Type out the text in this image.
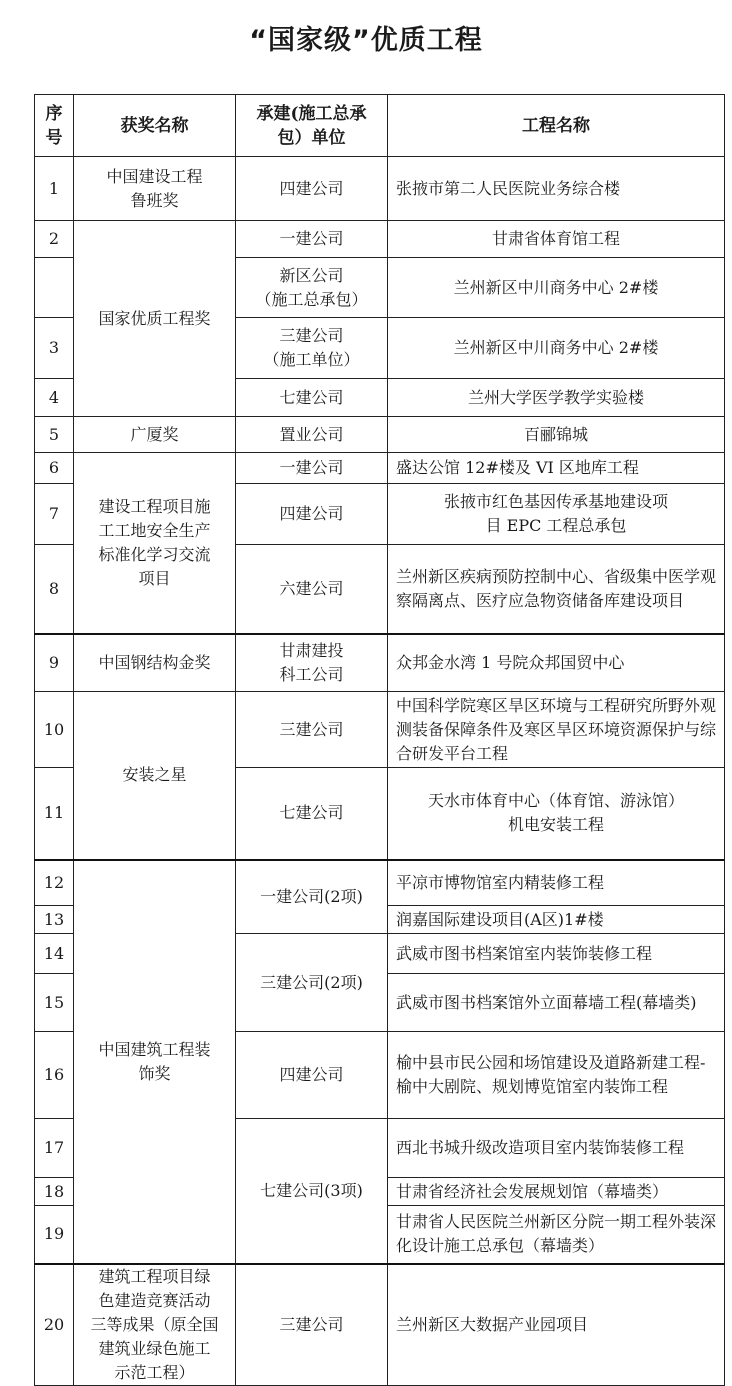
“国家级”优质工程
序号	获奖名称	承建(施工总承
包）单位	工程名称
1	中国建设工程
鲁班奖	四建公司	张掖市第二人民医院业务综合楼
2	国家优质工程奖	一建公司	甘肃省体育馆工程
		新区公司
（施工总承包）	兰州新区中川商务中心 2#楼
3		三建公司
（施工单位）	兰州新区中川商务中心 2#楼
4		七建公司	兰州大学医学教学实验楼
5	广厦奖	置业公司	百郦锦城
6	建设工程项目施
工工地安全生产
标准化学习交流
项目	一建公司	盛达公馆 12#楼及 VI 区地库工程
7		四建公司	张掖市红色基因传承基地建设项
目 EPC 工程总承包
8		六建公司	兰州新区疾病预防控制中心、省级集中医学观察隔离点、医疗应急物资储备库建设项目
9	中国钢结构金奖	甘肃建投
科工公司	众邦金水湾 1 号院众邦国贸中心
10	安装之星	三建公司	中国科学院寒区旱区环境与工程研究所野外观测装备保障条件及寒区旱区环境资源保护与综合研发平台工程
11		七建公司	天水市体育中心（体育馆、游泳馆）
机电安装工程
12	中国建筑工程装
饰奖	一建公司(2项)	平凉市博物馆室内精装修工程
13			润嘉国际建设项目(A区)1#楼
14		三建公司(2项)	武威市图书档案馆室内装饰装修工程
15			武威市图书档案馆外立面幕墙工程(幕墙类)
16		四建公司	榆中县市民公园和场馆建设及道路新建工程-榆中大剧院、规划博览馆室内装饰工程
17		七建公司(3项)	西北书城升级改造项目室内装饰装修工程
18			甘肃省经济社会发展规划馆（幕墙类）
19			甘肃省人民医院兰州新区分院一期工程外装深化设计施工总承包（幕墙类）
20	建筑工程项目绿
色建造竞赛活动
三等成果（原全国
建筑业绿色施工
示范工程）	三建公司	兰州新区大数据产业园项目
